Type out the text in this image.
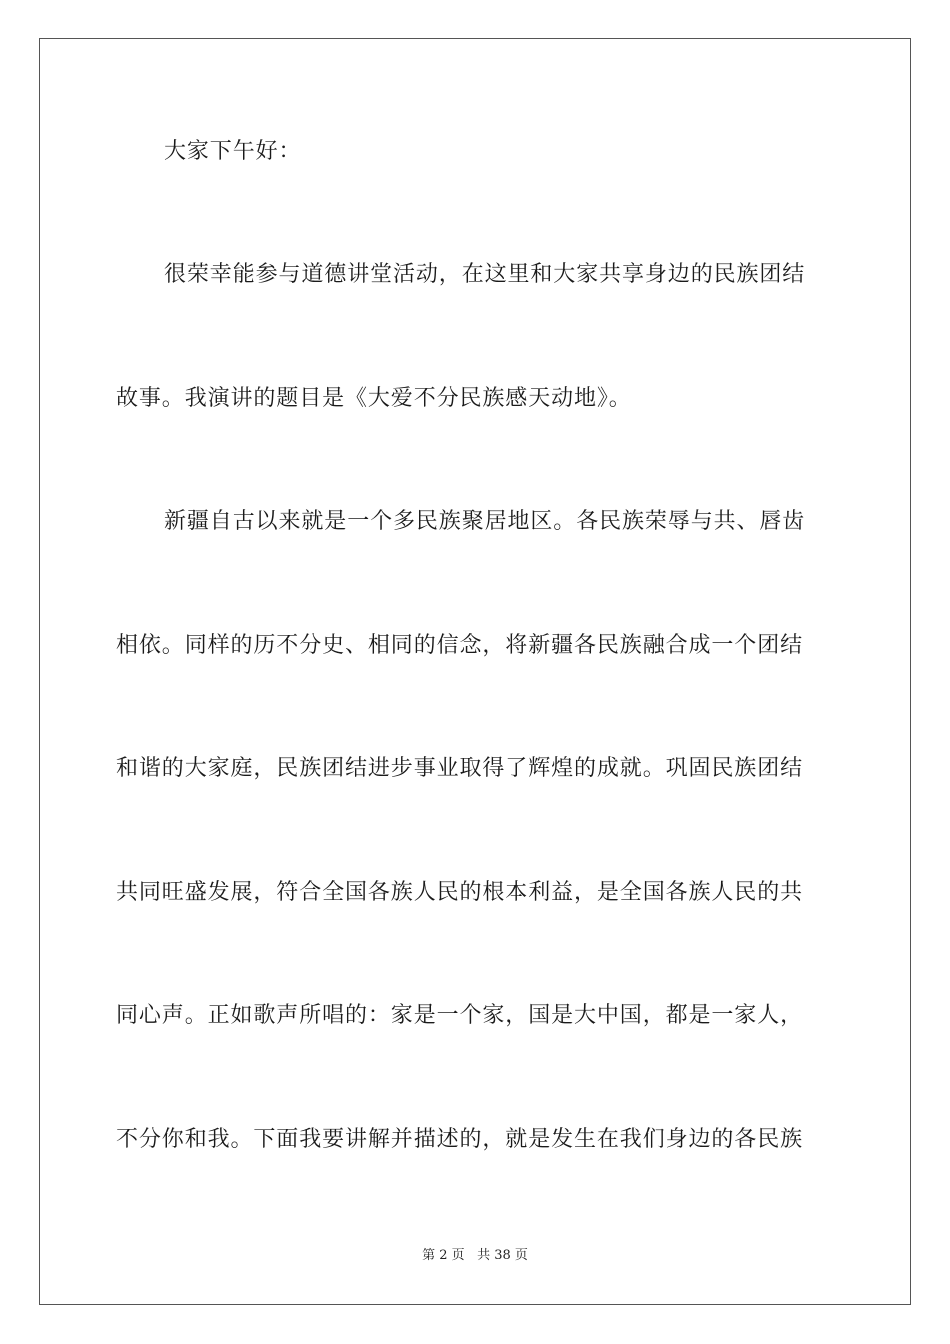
大家下午好：
很荣幸能参与道德讲堂活动，在这里和大家共享身边的民族团结
故事。我演讲的题目是《大爱不分民族感天动地》。
新疆自古以来就是一个多民族聚居地区。各民族荣辱与共、唇齿
相依。同样的历不分史、相同的信念，将新疆各民族融合成一个团结
和谐的大家庭，民族团结进步事业取得了辉煌的成就。巩固民族团结
共同旺盛发展，符合全国各族人民的根本利益，是全国各族人民的共
同心声。正如歌声所唱的：家是一个家，国是大中国，都是一家人，
不分你和我。下面我要讲解并描述的，就是发生在我们身边的各民族
第 2 页 共 38 页
